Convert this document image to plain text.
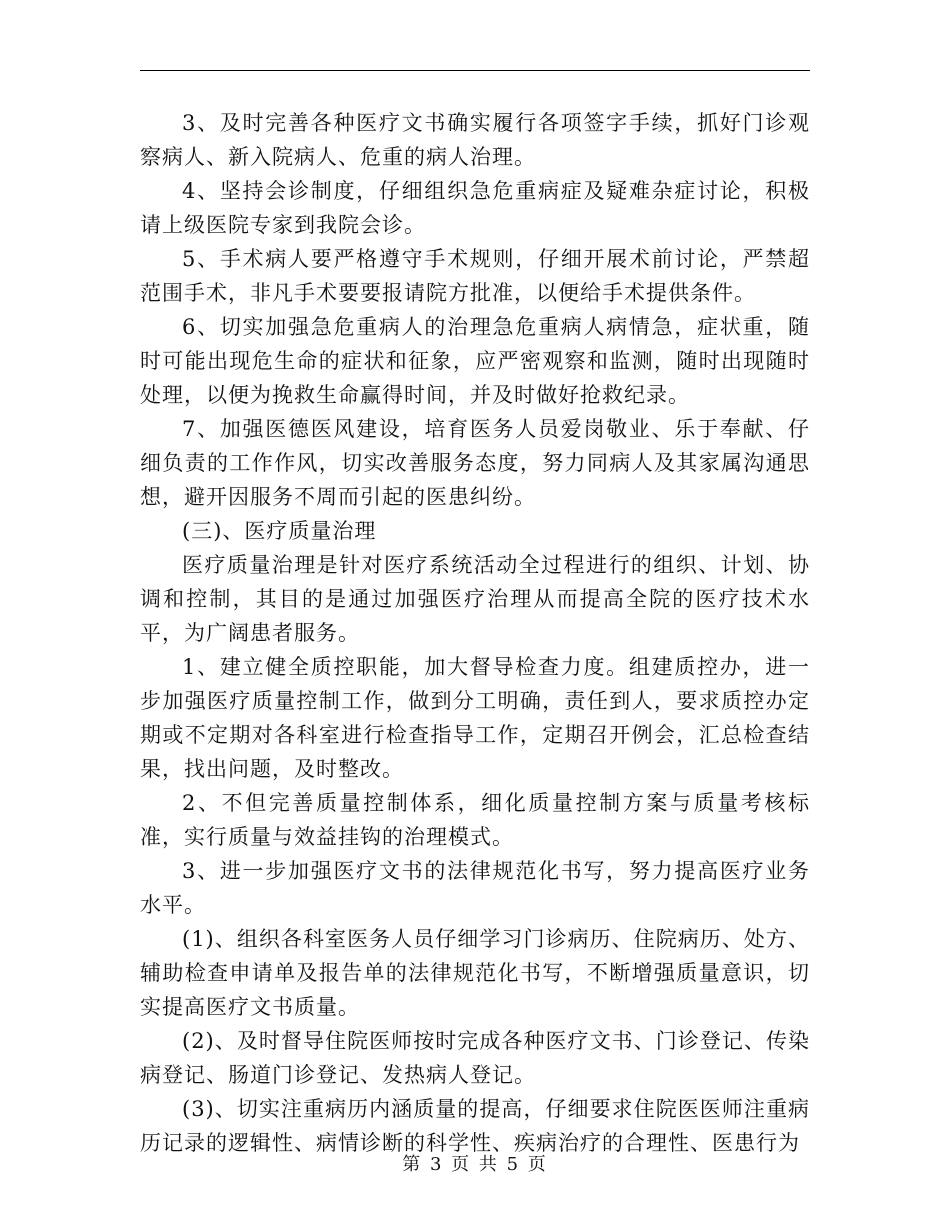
3、及时完善各种医疗文书确实履行各项签字手续，抓好门诊观察病人、新入院病人、危重的病人治理。

4、坚持会诊制度，仔细组织急危重病症及疑难杂症讨论，积极请上级医院专家到我院会诊。

5、手术病人要严格遵守手术规则，仔细开展术前讨论，严禁超范围手术，非凡手术要要报请院方批准，以便给手术提供条件。

6、切实加强急危重病人的治理急危重病人病情急，症状重，随时可能出现危生命的症状和征象，应严密观察和监测，随时出现随时处理，以便为挽救生命赢得时间，并及时做好抢救纪录。

7、加强医德医风建设，培育医务人员爱岗敬业、乐于奉献、仔细负责的工作作风，切实改善服务态度，努力同病人及其家属沟通思想，避开因服务不周而引起的医患纠纷。

(三)、医疗质量治理

医疗质量治理是针对医疗系统活动全过程进行的组织、计划、协调和控制，其目的是通过加强医疗治理从而提高全院的医疗技术水平，为广阔患者服务。

1、建立健全质控职能，加大督导检查力度。组建质控办，进一步加强医疗质量控制工作，做到分工明确，责任到人，要求质控办定期或不定期对各科室进行检查指导工作，定期召开例会，汇总检查结果，找出问题，及时整改。

2、不但完善质量控制体系，细化质量控制方案与质量考核标准，实行质量与效益挂钩的治理模式。

3、进一步加强医疗文书的法律规范化书写，努力提高医疗业务水平。

(1)、组织各科室医务人员仔细学习门诊病历、住院病历、处方、辅助检查申请单及报告单的法律规范化书写，不断增强质量意识，切实提高医疗文书质量。

(2)、及时督导住院医师按时完成各种医疗文书、门诊登记、传染病登记、肠道门诊登记、发热病人登记。

(3)、切实注重病历内涵质量的提高，仔细要求住院医医师注重病历记录的逻辑性、病情诊断的科学性、疾病治疗的合理性、医患行为

第 3 页 共 5 页
